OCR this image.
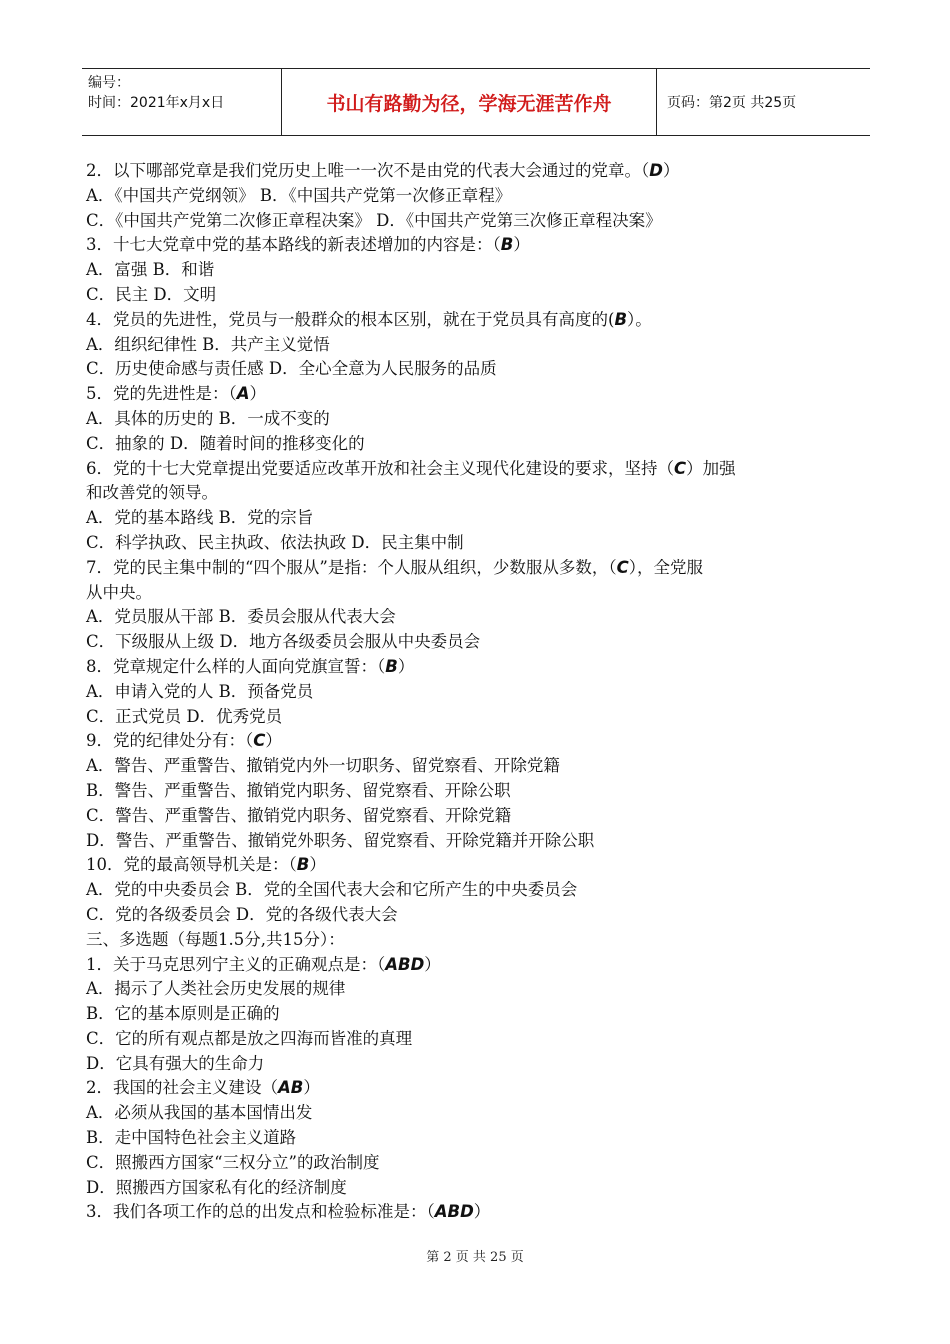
编号：
时间：2021年x月x日	书山有路勤为径，学海无涯苦作舟	页码：第2页 共25页
2．以下哪部党章是我们党历史上唯一一次不是由党的代表大会通过的党章。（D）
A．《中国共产党纲领》 B．《中国共产党第一次修正章程》
C．《中国共产党第二次修正章程决案》 D．《中国共产党第三次修正章程决案》
3．十七大党章中党的基本路线的新表述增加的内容是：（B）
A．富强 B．和谐
C．民主 D．文明
4．党员的先进性，党员与一般群众的根本区别，就在于党员具有高度的(B）。
A．组织纪律性 B．共产主义觉悟
C．历史使命感与责任感 D．全心全意为人民服务的品质
5．党的先进性是：（A）
A．具体的历史的 B．一成不变的
C．抽象的 D．随着时间的推移变化的
6．党的十七大党章提出党要适应改革开放和社会主义现代化建设的要求，坚持（C）加强
和改善党的领导。
A．党的基本路线 B．党的宗旨
C．科学执政、民主执政、依法执政 D．民主集中制
7．党的民主集中制的“四个服从”是指：个人服从组织，少数服从多数，（C），全党服
从中央。
A．党员服从干部 B．委员会服从代表大会
C．下级服从上级 D．地方各级委员会服从中央委员会
8．党章规定什么样的人面向党旗宣誓：（B）
A．申请入党的人 B．预备党员
C．正式党员 D．优秀党员
9．党的纪律处分有：（C）
A．警告、严重警告、撤销党内外一切职务、留党察看、开除党籍
B．警告、严重警告、撤销党内职务、留党察看、开除公职
C．警告、严重警告、撤销党内职务、留党察看、开除党籍
D．警告、严重警告、撤销党外职务、留党察看、开除党籍并开除公职
10．党的最高领导机关是：（B）
A．党的中央委员会 B．党的全国代表大会和它所产生的中央委员会
C．党的各级委员会 D．党的各级代表大会
三、多选题（每题1.5分,共15分）：
1．关于马克思列宁主义的正确观点是：（ABD）
A．揭示了人类社会历史发展的规律
B．它的基本原则是正确的
C．它的所有观点都是放之四海而皆准的真理
D．它具有强大的生命力
2．我国的社会主义建设（AB）
A．必须从我国的基本国情出发
B．走中国特色社会主义道路
C．照搬西方国家“三权分立”的政治制度
D．照搬西方国家私有化的经济制度
3．我们各项工作的总的出发点和检验标准是：（ABD）
第 2 页 共 25 页
